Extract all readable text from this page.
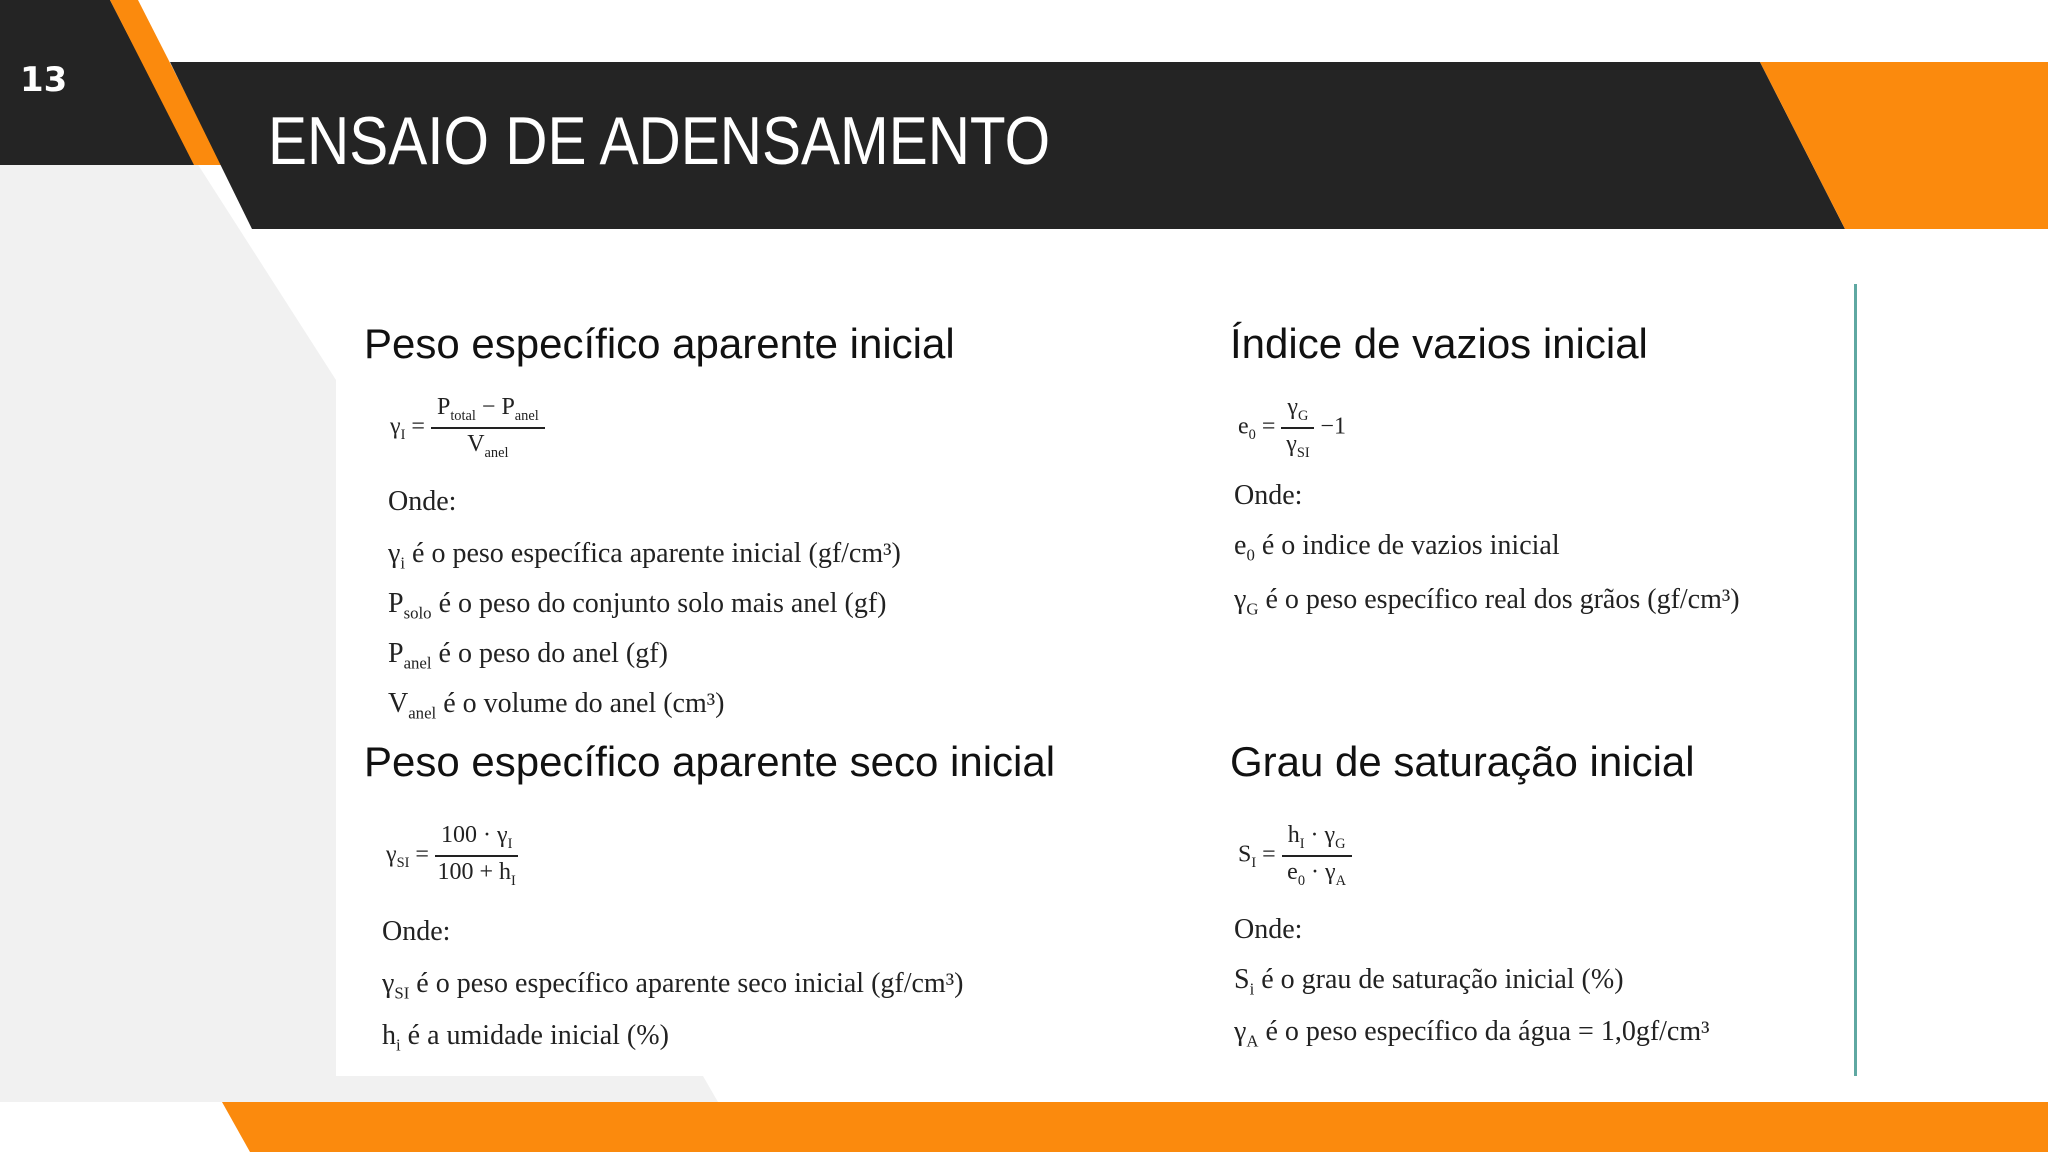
13
ENSAIO DE ADENSAMENTO
Peso específico aparente inicial
$\gamma_I = \frac{P_{total} - P_{anel}}{V_{anel}}$
Onde:
$\gamma_i$ é o peso específica aparente inicial (gf/cm³)
$P_{solo}$ é o peso do conjunto solo mais anel (gf)
$P_{anel}$ é o peso do anel (gf)
$V_{anel}$ é o volume do anel (cm³)
Índice de vazios inicial
$e_0 = \frac{\gamma_G}{\gamma_{SI}} -1$
Onde:
$e_0$ é o indice de vazios inicial
$\gamma_G$ é o peso específico real dos grãos (gf/cm³)
Peso específico aparente seco inicial
$\gamma_{SI} = \frac{100 \cdot \gamma_I}{100 + h_I}$
Onde:
$\gamma_{SI}$ é o peso específico aparente seco inicial (gf/cm³)
$h_i$ é a umidade inicial (%)
Grau de saturação inicial
$S_I = \frac{h_I \cdot \gamma_G}{e_0 \cdot \gamma_A}$
Onde:
$S_i$ é o grau de saturação inicial (%)
$\gamma_A$ é o peso específico da água = 1,0gf/cm³
